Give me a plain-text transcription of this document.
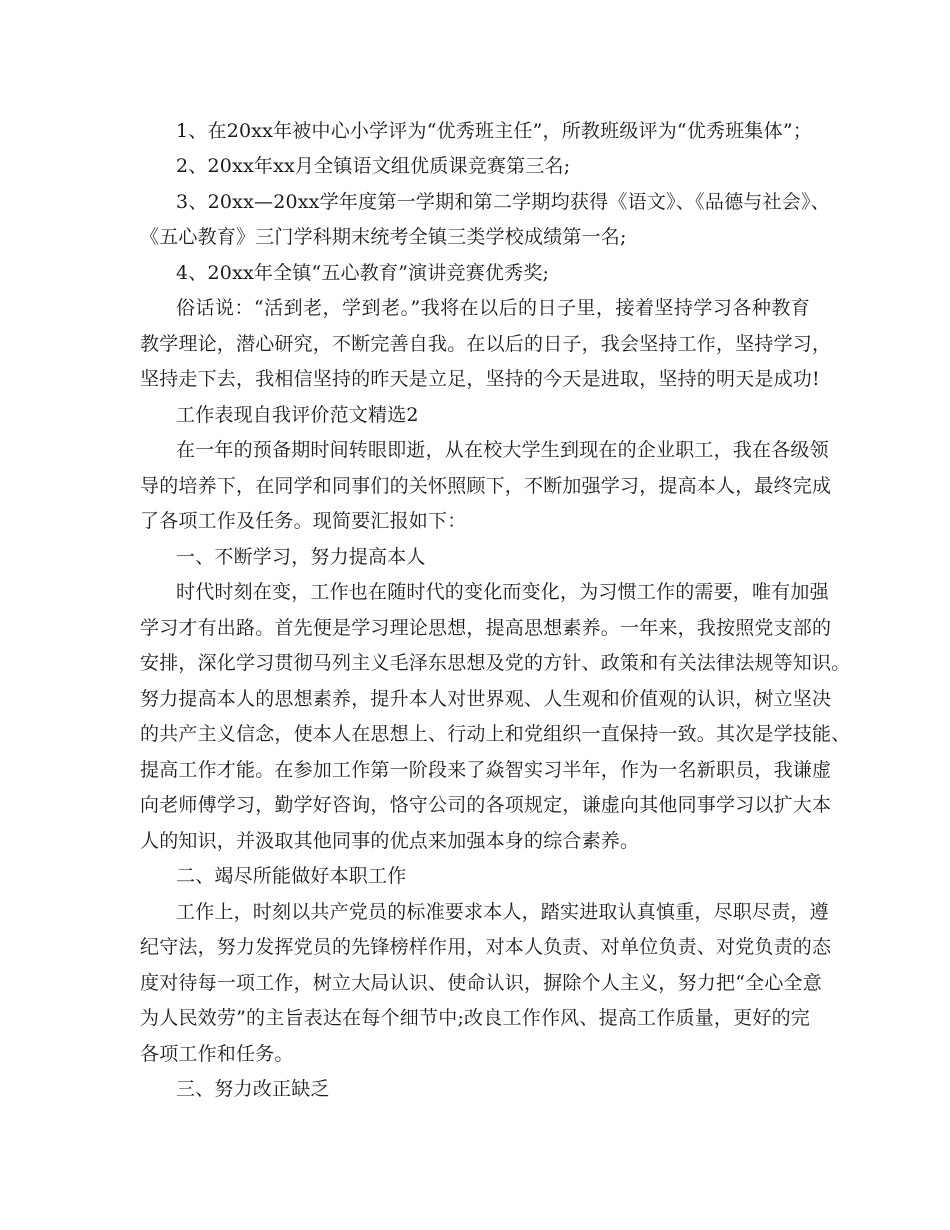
1、在20xx年被中心小学评为“优秀班主任”，所教班级评为“优秀班集体”；
2、20xx年xx月全镇语文组优质课竞赛第三名;
3、20xx—20xx学年度第一学期和第二学期均获得《语文》、《品德与社会》、
《五心教育》三门学科期末统考全镇三类学校成绩第一名;
4、20xx年全镇“五心教育”演讲竞赛优秀奖;
俗话说：“活到老，学到老。”我将在以后的日子里，接着坚持学习各种教育
教学理论，潜心研究，不断完善自我。在以后的日子，我会坚持工作，坚持学习，
坚持走下去，我相信坚持的昨天是立足，坚持的今天是进取，坚持的明天是成功!
工作表现自我评价范文精选2
在一年的预备期时间转眼即逝，从在校大学生到现在的企业职工，我在各级领
导的培养下，在同学和同事们的关怀照顾下，不断加强学习，提高本人，最终完成
了各项工作及任务。现简要汇报如下：
一、不断学习，努力提高本人
时代时刻在变，工作也在随时代的变化而变化，为习惯工作的需要，唯有加强
学习才有出路。首先便是学习理论思想，提高思想素养。一年来，我按照党支部的
安排，深化学习贯彻马列主义毛泽东思想及党的方针、政策和有关法律法规等知识。
努力提高本人的思想素养，提升本人对世界观、人生观和价值观的认识，树立坚决
的共产主义信念，使本人在思想上、行动上和党组织一直保持一致。其次是学技能、
提高工作才能。在参加工作第一阶段来了焱智实习半年，作为一名新职员，我谦虚
向老师傅学习，勤学好咨询，恪守公司的各项规定，谦虚向其他同事学习以扩大本
人的知识，并汲取其他同事的优点来加强本身的综合素养。
二、竭尽所能做好本职工作
工作上，时刻以共产党员的标准要求本人，踏实进取认真慎重，尽职尽责，遵
纪守法，努力发挥党员的先锋榜样作用，对本人负责、对单位负责、对党负责的态
度对待每一项工作，树立大局认识、使命认识，摒除个人主义，努力把“全心全意
为人民效劳”的主旨表达在每个细节中;改良工作作风、提高工作质量，更好的完
各项工作和任务。
三、努力改正缺乏
